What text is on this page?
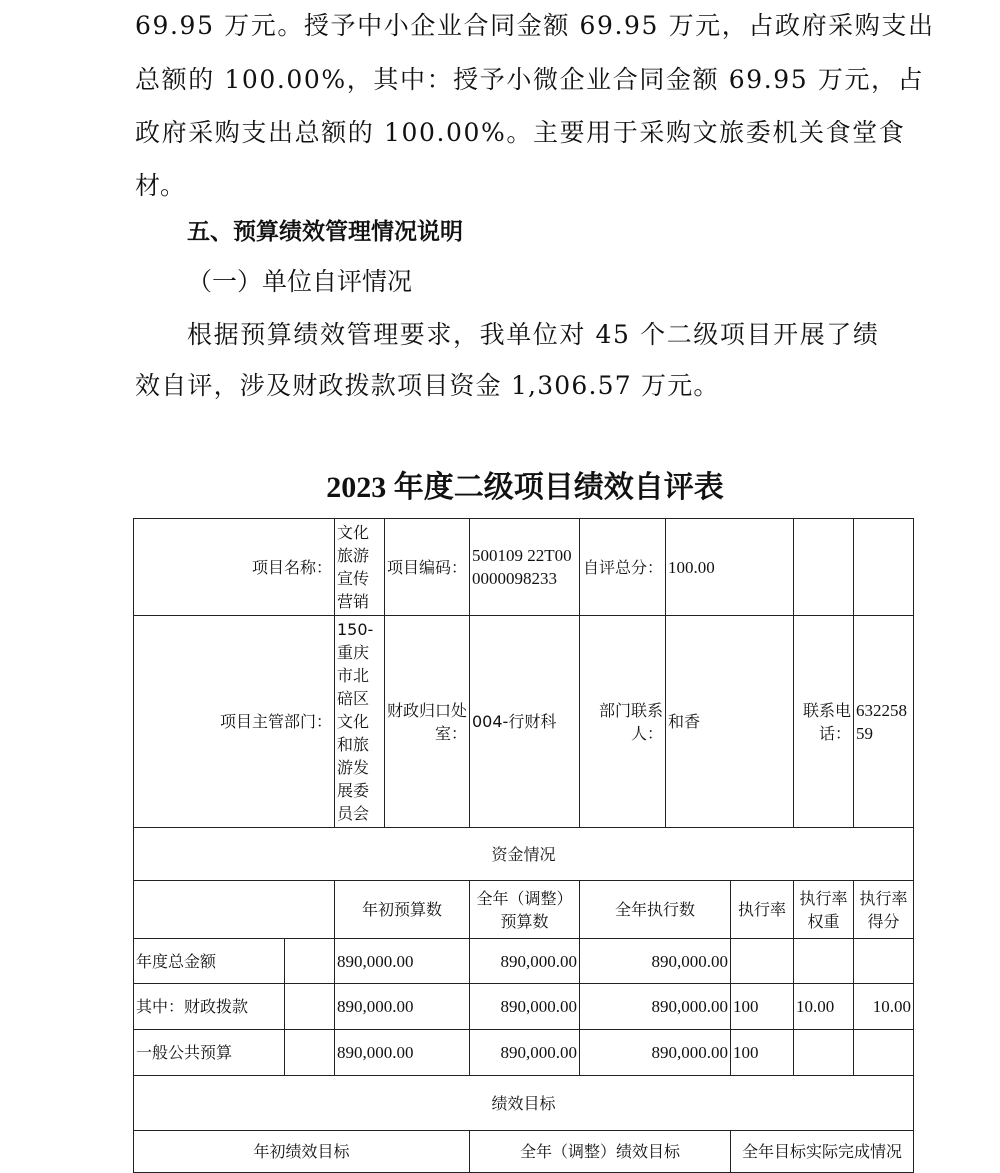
69.95 万元。授予中小企业合同金额 69.95 万元，占政府采购支出
总额的 100.00%，其中：授予小微企业合同金额 69.95 万元，占
政府采购支出总额的 100.00%。主要用于采购文旅委机关食堂食
材。
五、预算绩效管理情况说明
（一）单位自评情况
根据预算绩效管理要求，我单位对 45 个二级项目开展了绩
效自评，涉及财政拨款项目资金 1,306.57 万元。
2023 年度二级项目绩效自评表
项目名称：		文化旅游宣传营销	项目编码：	500109 22T000000098233	自评总分：	100.00			
项目主管部门：		150-重庆市北碚区文化和旅游发展委员会	财政归口处室：	004-行财科	部门联系人：	和香		联系电话：	63225859
资金情况									
		年初预算数		全年（调整）预算数	全年执行数		执行率	执行率权重	执行率得分
年度总金额		890,000.00		890,000.00	890,000.00				
其中：财政拨款		890,000.00		890,000.00	890,000.00		100	10.00	10.00
一般公共预算		890,000.00		890,000.00	890,000.00		100		
绩效目标									
年初绩效目标				全年（调整）绩效目标			全年目标实际完成情况		
